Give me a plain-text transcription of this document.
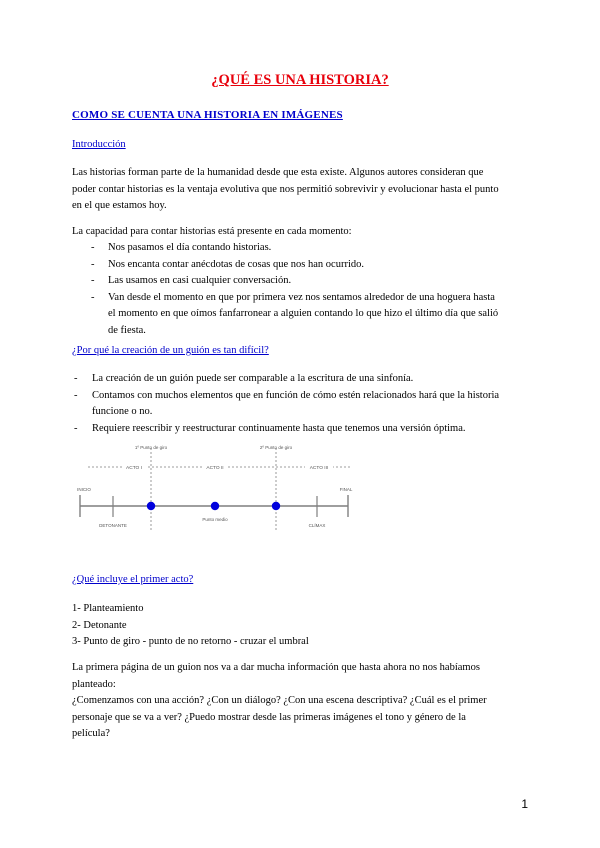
¿QUÉ ES UNA HISTORIA?
COMO SE CUENTA UNA HISTORIA EN IMÁGENES
Introducción
Las historias forman parte de la humanidad desde que esta existe. Algunos autores consideran que
poder contar historias es la ventaja evolutiva que nos permitió sobrevivir y evolucionar hasta el punto
en el que estamos hoy.
La capacidad para contar historias está presente en cada momento:
- Nos pasamos el día contando historias.
- Nos encanta contar anécdotas de cosas que nos han ocurrido.
- Las usamos en casi cualquier conversación.
- Van desde el momento en que por primera vez nos sentamos alrededor de una hoguera hasta
el momento en que oímos fanfarronear a alguien contando lo que hizo el último día que salió
de fiesta.
¿Por qué la creación de un guión es tan difícil?
- La creación de un guión puede ser comparable a la escritura de una sinfonía.
- Contamos con muchos elementos que en función de cómo estén relacionados hará que la historia
funcione o no.
- Requiere reescribir y reestructurar continuamente hasta que tenemos una versión óptima.
1º Punto de giro	2º Punto de giro
ACTO I	ACTO II	ACTO III
INICIO	FINAL
DETONANTE
Punto medio
CLÍMAX
¿Qué incluye el primer acto?
1- Planteamiento
2- Detonante
3- Punto de giro - punto de no retorno - cruzar el umbral
La primera página de un guion nos va a dar mucha información que hasta ahora no nos habíamos
planteado:
¿Comenzamos con una acción? ¿Con un diálogo? ¿Con una escena descriptiva? ¿Cuál es el primer
personaje que se va a ver? ¿Puedo mostrar desde las primeras imágenes el tono y género de la
película?
1
